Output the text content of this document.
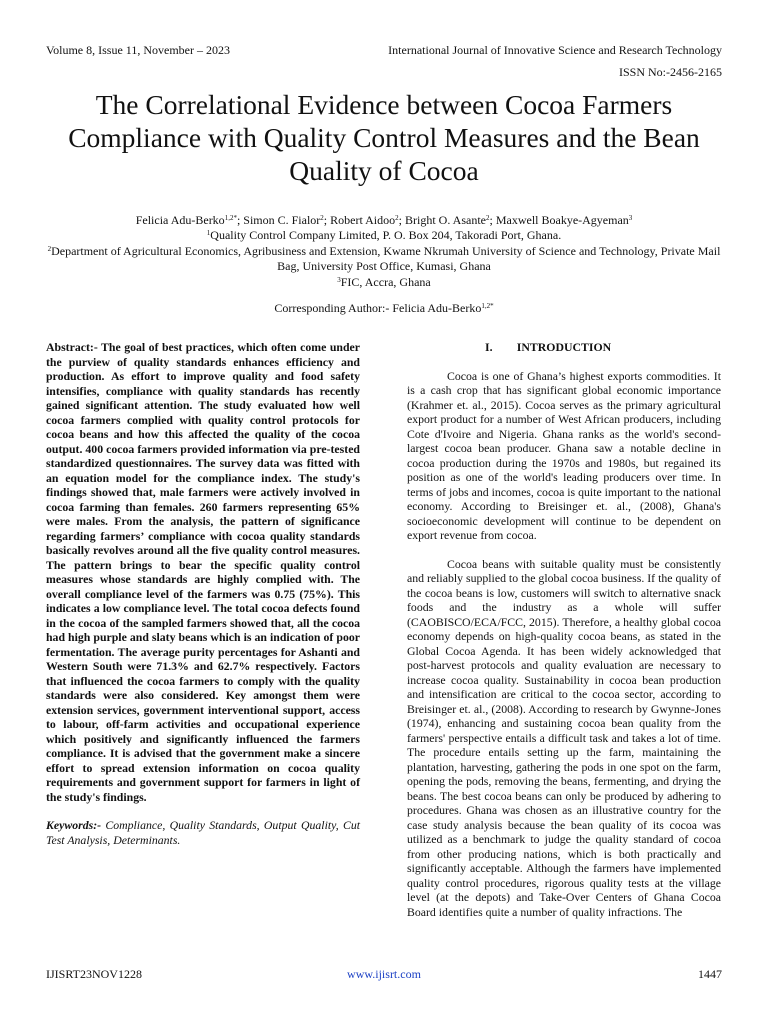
Volume 8, Issue 11, November – 2023	International Journal of Innovative Science and Research Technology
ISSN No:-2456-2165
The Correlational Evidence between Cocoa Farmers Compliance with Quality Control Measures and the Bean Quality of Cocoa
Felicia Adu-Berko$^{1,2*}$; Simon C. Fialor$^2$; Robert Aidoo$^2$; Bright O. Asante$^2$; Maxwell Boakye-Agyeman$^3$
$^1$Quality Control Company Limited, P. O. Box 204, Takoradi Port, Ghana.
$^2$Department of Agricultural Economics, Agribusiness and Extension, Kwame Nkrumah University of Science and Technology, Private Mail Bag, University Post Office, Kumasi, Ghana
$^3$FIC, Accra, Ghana
Corresponding Author:- Felicia Adu-Berko$^{1,2*}$

Abstract:- The goal of best practices, which often come under the purview of quality standards enhances efficiency and production. As effort to improve quality and food safety intensifies, compliance with quality standards has recently gained significant attention. The study evaluated how well cocoa farmers complied with quality control protocols for cocoa beans and how this affected the quality of the cocoa output. 400 cocoa farmers provided information via pre-tested standardized questionnaires. The survey data was fitted with an equation model for the compliance index. The study's findings showed that, male farmers were actively involved in cocoa farming than females. 260 farmers representing 65% were males. From the analysis, the pattern of significance regarding farmers’ compliance with cocoa quality standards basically revolves around all the five quality control measures. The pattern brings to bear the specific quality control measures whose standards are highly complied with. The overall compliance level of the farmers was 0.75 (75%). This indicates a low compliance level. The total cocoa defects found in the cocoa of the sampled farmers showed that, all the cocoa had high purple and slaty beans which is an indication of poor fermentation. The average purity percentages for Ashanti and Western South were 71.3% and 62.7% respectively. Factors that influenced the cocoa farmers to comply with the quality standards were also considered. Key amongst them were extension services, government interventional support, access to labour, off-farm activities and occupational experience which positively and significantly influenced the farmers compliance. It is advised that the government make a sincere effort to spread extension information on cocoa quality requirements and government support for farmers in light of the study's findings.

Keywords:- Compliance, Quality Standards, Output Quality, Cut Test Analysis, Determinants.

I. INTRODUCTION

Cocoa is one of Ghana’s highest exports commodities. It is a cash crop that has significant global economic importance (Krahmer et. al., 2015). Cocoa serves as the primary agricultural export product for a number of West African producers, including Cote d'Ivoire and Nigeria. Ghana ranks as the world's second-largest cocoa bean producer. Ghana saw a notable decline in cocoa production during the 1970s and 1980s, but regained its position as one of the world's leading producers over time. In terms of jobs and incomes, cocoa is quite important to the national economy. According to Breisinger et. al., (2008), Ghana's socioeconomic development will continue to be dependent on export revenue from cocoa.

Cocoa beans with suitable quality must be consistently and reliably supplied to the global cocoa business. If the quality of the cocoa beans is low, customers will switch to alternative snack foods and the industry as a whole will suffer (CAOBISCO/ECA/FCC, 2015). Therefore, a healthy global cocoa economy depends on high-quality cocoa beans, as stated in the Global Cocoa Agenda. It has been widely acknowledged that post-harvest protocols and quality evaluation are necessary to increase cocoa quality. Sustainability in cocoa bean production and intensification are critical to the cocoa sector, according to Breisinger et. al., (2008). According to research by Gwynne-Jones (1974), enhancing and sustaining cocoa bean quality from the farmers' perspective entails a difficult task and takes a lot of time. The procedure entails setting up the farm, maintaining the plantation, harvesting, gathering the pods in one spot on the farm, opening the pods, removing the beans, fermenting, and drying the beans. The best cocoa beans can only be produced by adhering to procedures. Ghana was chosen as an illustrative country for the case study analysis because the bean quality of its cocoa was utilized as a benchmark to judge the quality standard of cocoa from other producing nations, which is both practically and significantly acceptable. Although the farmers have implemented quality control procedures, rigorous quality tests at the village level (at the depots) and Take-Over Centers of Ghana Cocoa Board identifies quite a number of quality infractions. The

IJISRT23NOV1228	www.ijisrt.com	1447
